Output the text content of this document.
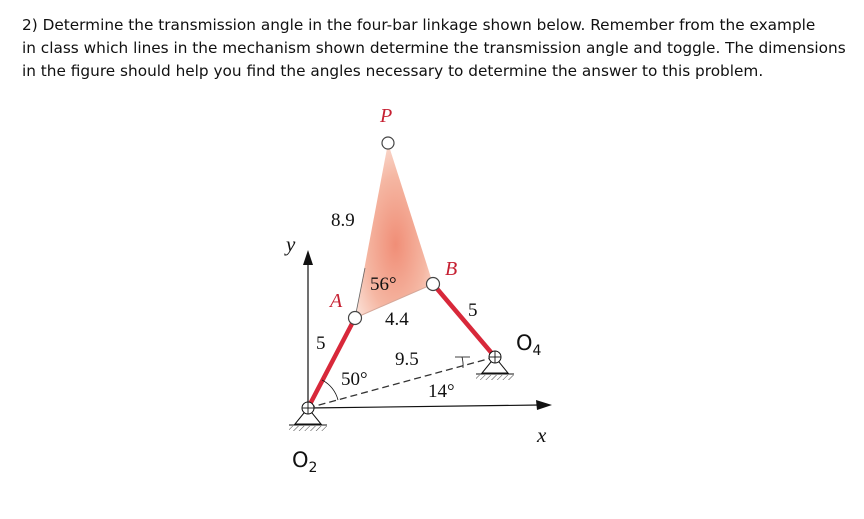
2) Determine the transmission angle in the four-bar linkage shown below. Remember from the example

in class which lines in the mechanism shown determine the transmission angle and toggle. The dimensions

in the figure should help you find the angles necessary to determine the answer to this problem.

P
A
B
y
x
$O_2$
$O_4$
8.9
56°
4.4
5
5
9.5
50°
14°
